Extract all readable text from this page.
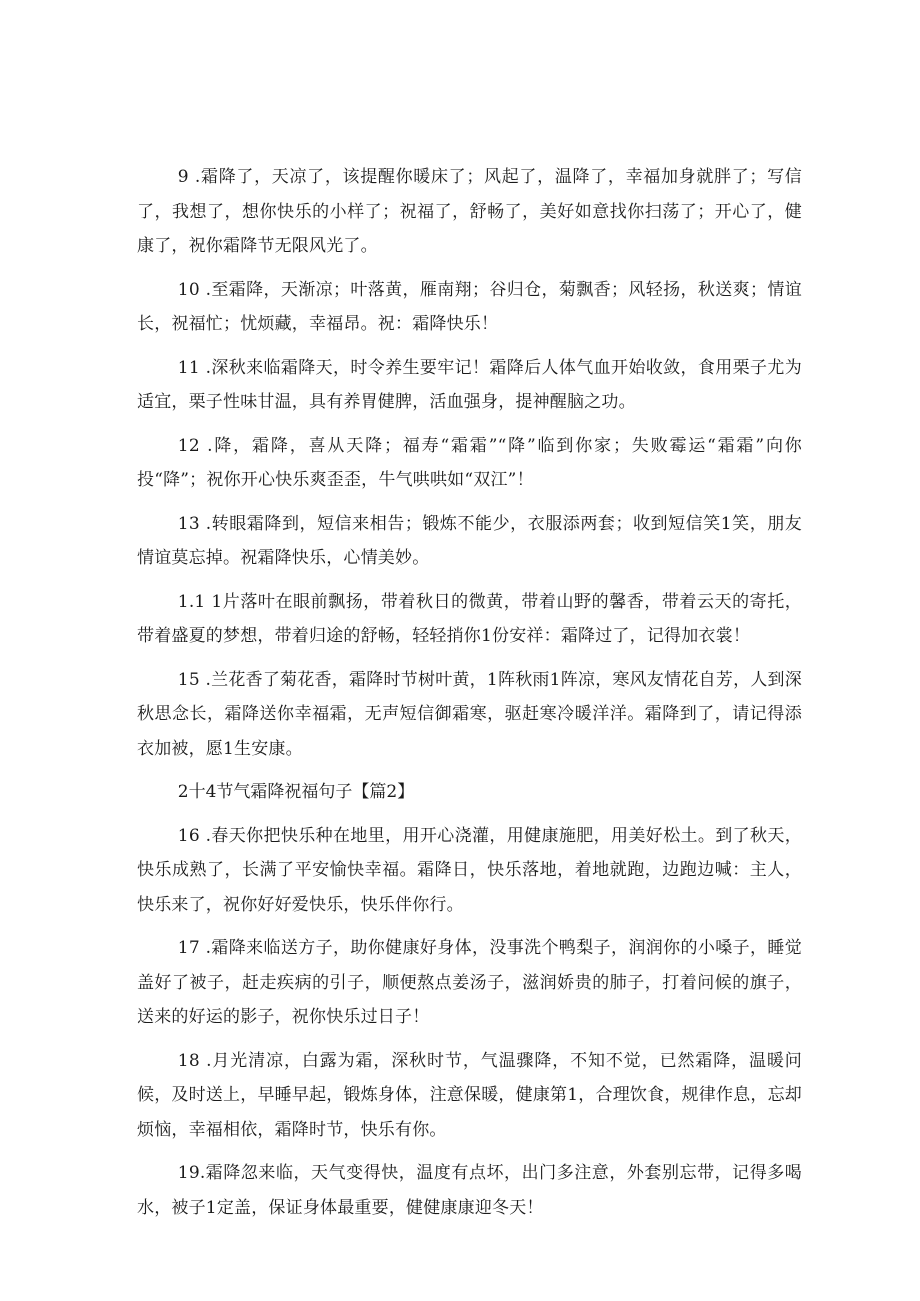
9 .霜降了，天凉了，该提醒你暖床了；风起了，温降了，幸福加身就胖了；写信了，我想了，想你快乐的小样了；祝福了，舒畅了，美好如意找你扫荡了；开心了，健康了，祝你霜降节无限风光了。

10 .至霜降，天渐凉；叶落黄，雁南翔；谷归仓，菊飘香；风轻扬，秋送爽；情谊长，祝福忙；忧烦藏，幸福昂。祝：霜降快乐！

11 .深秋来临霜降天，时令养生要牢记！霜降后人体气血开始收敛，食用栗子尤为适宜，栗子性味甘温，具有养胃健脾，活血强身，提神醒脑之功。

12 .降，霜降，喜从天降；福寿“霜霜”“降”临到你家；失败霉运“霜霜”向你投“降”；祝你开心快乐爽歪歪，牛气哄哄如“双江”！

13 .转眼霜降到，短信来相告；锻炼不能少，衣服添两套；收到短信笑1笑，朋友情谊莫忘掉。祝霜降快乐，心情美妙。

1.1 1片落叶在眼前飘扬，带着秋日的微黄，带着山野的馨香，带着云天的寄托，带着盛夏的梦想，带着归途的舒畅，轻轻捎你1份安祥：霜降过了，记得加衣裳！

15 .兰花香了菊花香，霜降时节树叶黄，1阵秋雨1阵凉，寒风友情花自芳，人到深秋思念长，霜降送你幸福霜，无声短信御霜寒，驱赶寒冷暖洋洋。霜降到了，请记得添衣加被，愿1生安康。

2十4节气霜降祝福句子【篇2】

16 .春天你把快乐种在地里，用开心浇灌，用健康施肥，用美好松土。到了秋天，快乐成熟了，长满了平安愉快幸福。霜降日，快乐落地，着地就跑，边跑边喊：主人，快乐来了，祝你好好爱快乐，快乐伴你行。

17 .霜降来临送方子，助你健康好身体，没事洗个鸭梨子，润润你的小嗓子，睡觉盖好了被子，赶走疾病的引子，顺便熬点姜汤子，滋润娇贵的肺子，打着问候的旗子，送来的好运的影子，祝你快乐过日子！

18 .月光清凉，白露为霜，深秋时节，气温骤降，不知不觉，已然霜降，温暖问候，及时送上，早睡早起，锻炼身体，注意保暖，健康第1，合理饮食，规律作息，忘却烦恼，幸福相依，霜降时节，快乐有你。

19.霜降忽来临，天气变得快，温度有点坏，出门多注意，外套别忘带，记得多喝水，被子1定盖，保证身体最重要，健健康康迎冬天！
